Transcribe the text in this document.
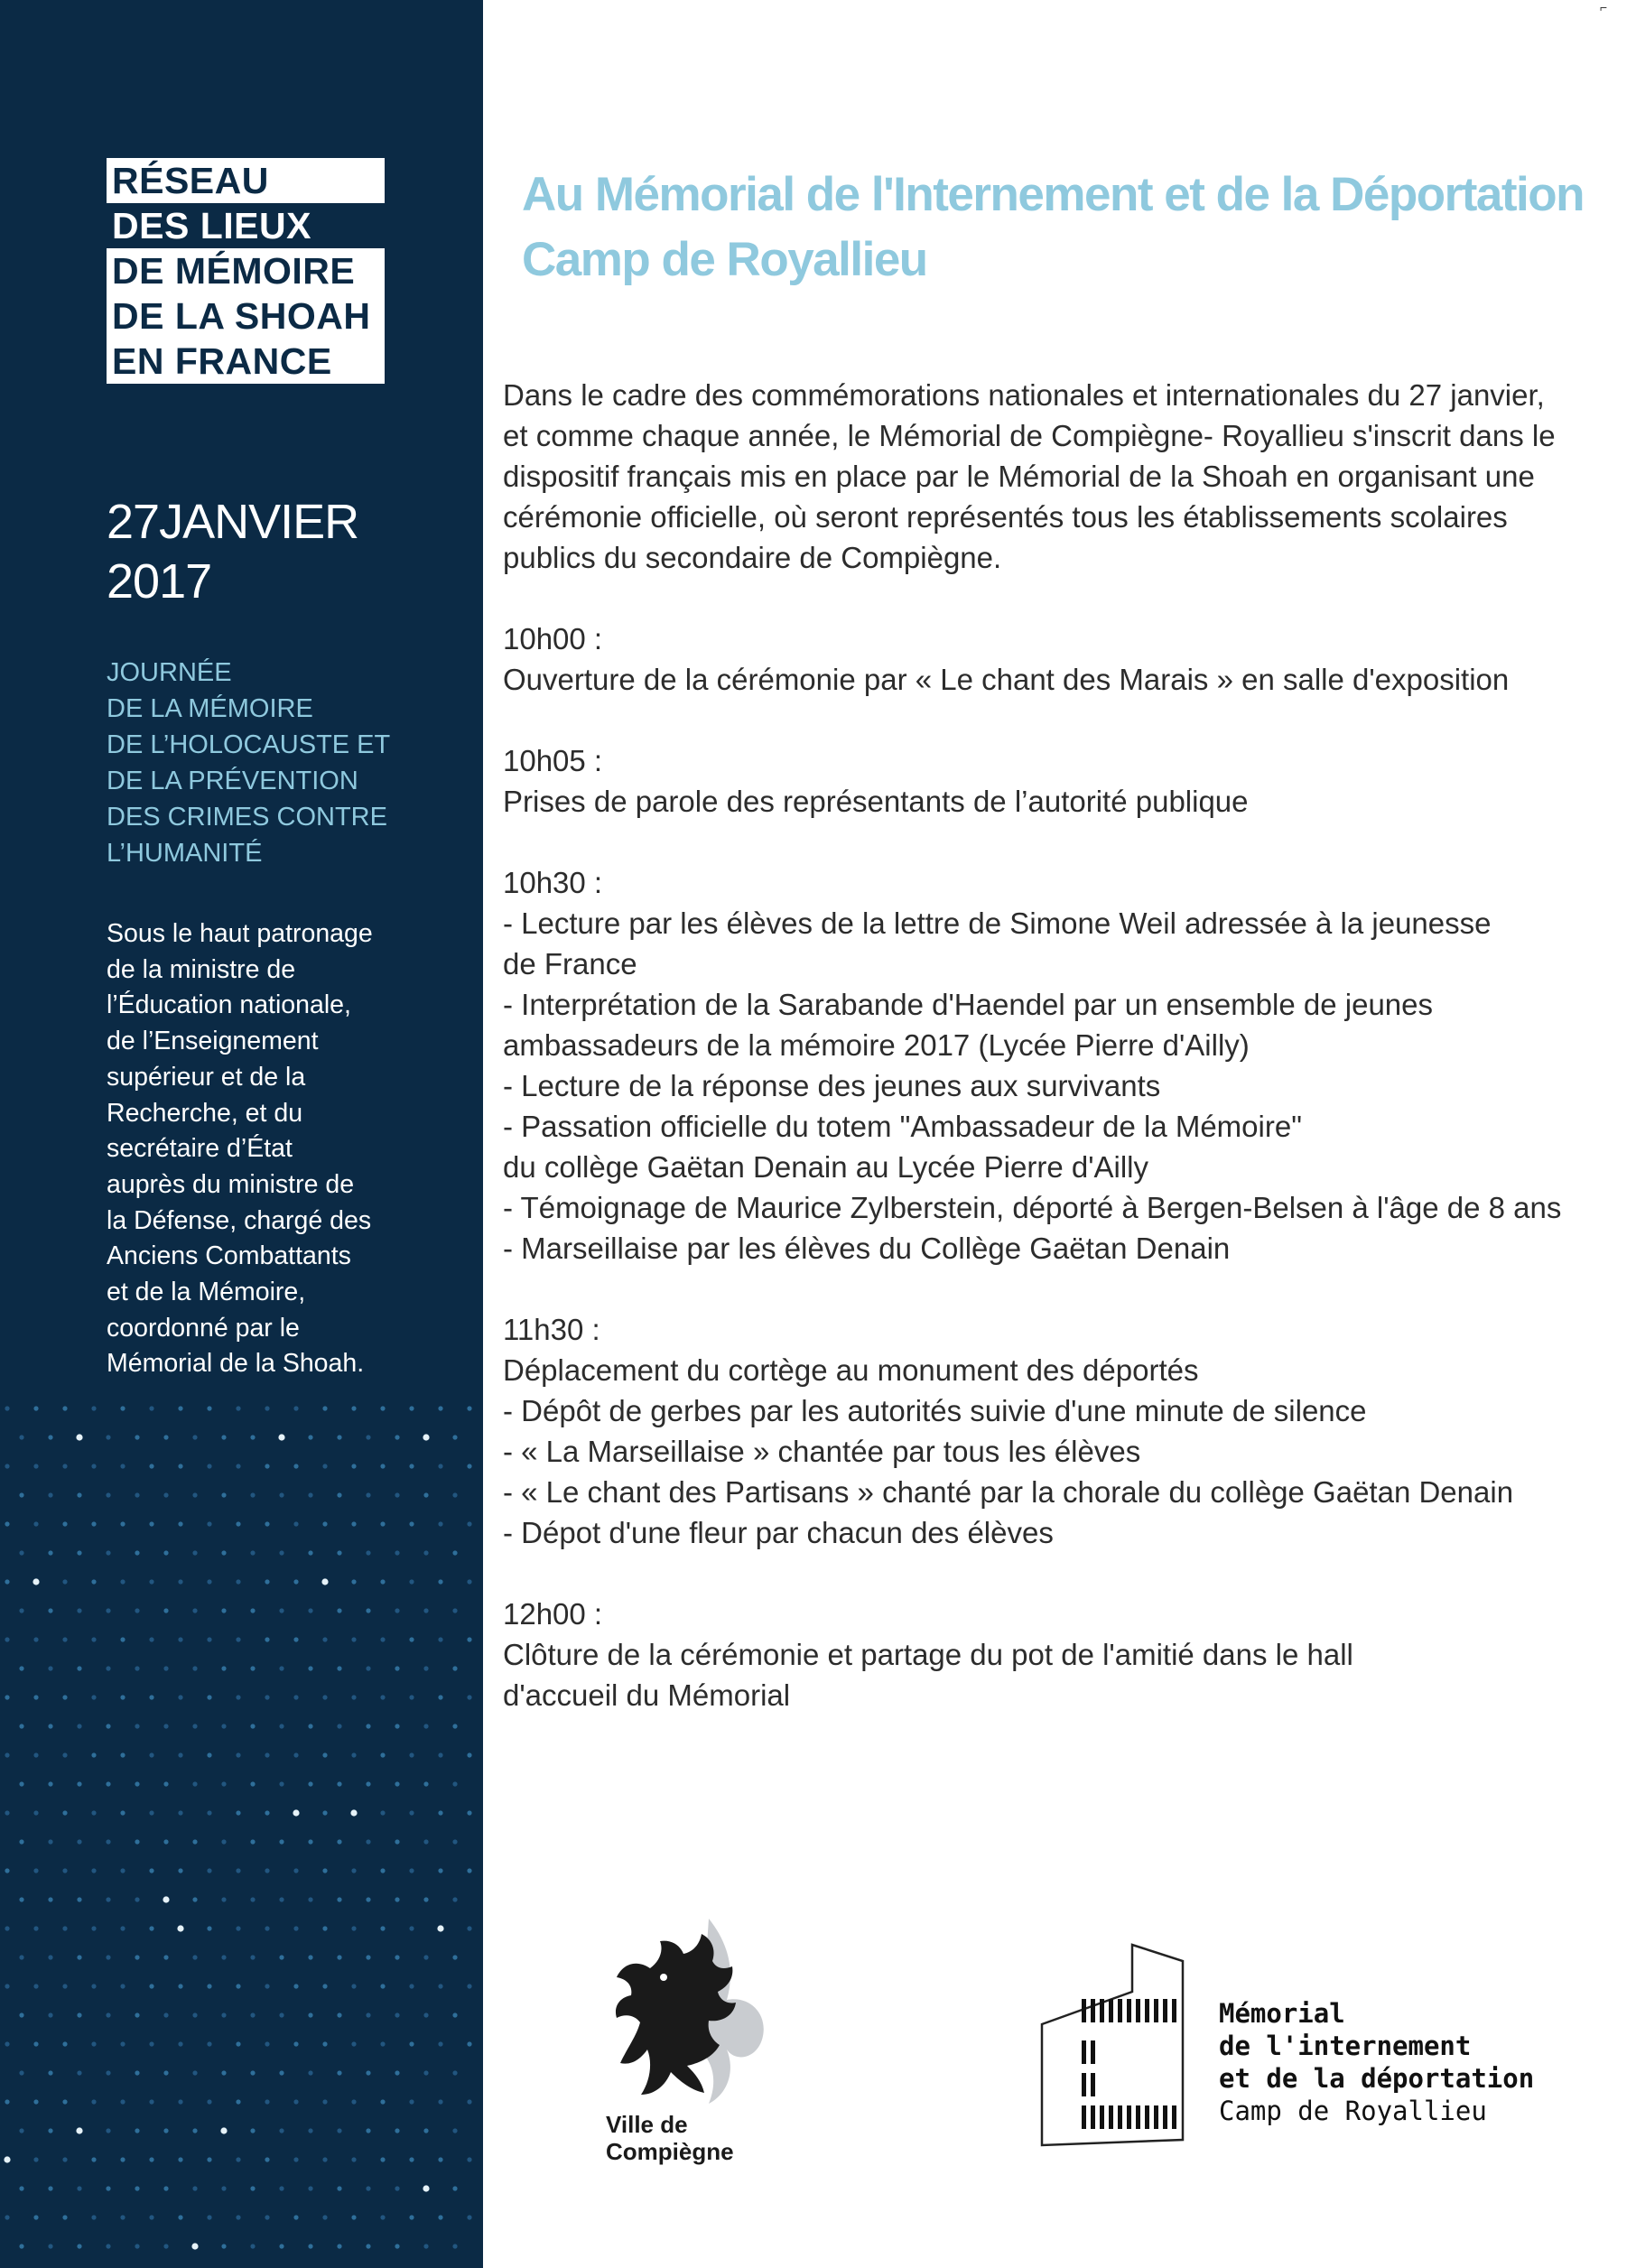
RÉSEAU
DES LIEUX
DE MÉMOIRE
DE LA SHOAH
EN FRANCE
27JANVIER
2017
JOURNÉE
DE LA MÉMOIRE
DE L’HOLOCAUSTE ET
DE LA PRÉVENTION
DES CRIMES CONTRE
L’HUMANITÉ
Sous le haut patronage
de la ministre de
l’Éducation nationale,
de l’Enseignement
supérieur et de la
Recherche, et du
secrétaire d’État
auprès du ministre de
la Défense, chargé des
Anciens Combattants
et de la Mémoire,
coordonné par le
Mémorial de la Shoah.
⌐
Au Mémorial de l'Internement et de la Déportation
Camp de Royallieu
Dans le cadre des commémorations nationales et internationales du 27 janvier,
et comme chaque année, le Mémorial de Compiègne- Royallieu s'inscrit dans le
dispositif français mis en place par le Mémorial de la Shoah en organisant une
cérémonie officielle, où seront représentés tous les établissements scolaires
publics du secondaire de Compiègne.
10h00 :
Ouverture de la cérémonie par « Le chant des Marais » en salle d'exposition
10h05 :
Prises de parole des représentants de l’autorité publique
10h30 :
- Lecture par les élèves de la lettre de Simone Weil adressée à la jeunesse
de France
- Interprétation de la Sarabande d'Haendel par un ensemble de jeunes
ambassadeurs de la mémoire 2017 (Lycée Pierre d'Ailly)
- Lecture de la réponse des jeunes aux survivants
- Passation officielle du totem "Ambassadeur de la Mémoire"
du collège Gaëtan Denain au Lycée Pierre d'Ailly
- Témoignage de Maurice Zylberstein, déporté à Bergen-Belsen à l'âge de 8 ans
- Marseillaise par les élèves du Collège Gaëtan Denain
11h30 :
Déplacement du cortège au monument des déportés
- Dépôt de gerbes par les autorités suivie d'une minute de silence
- « La Marseillaise » chantée par tous les élèves
- « Le chant des Partisans » chanté par la chorale du collège Gaëtan Denain
- Dépot d'une fleur par chacun des élèves
12h00 :
Clôture de la cérémonie et partage du pot de l'amitié dans le hall
d'accueil du Mémorial
Ville de
Compiègne
Mémorial
de l'internement
et de la déportation
Camp de Royallieu
